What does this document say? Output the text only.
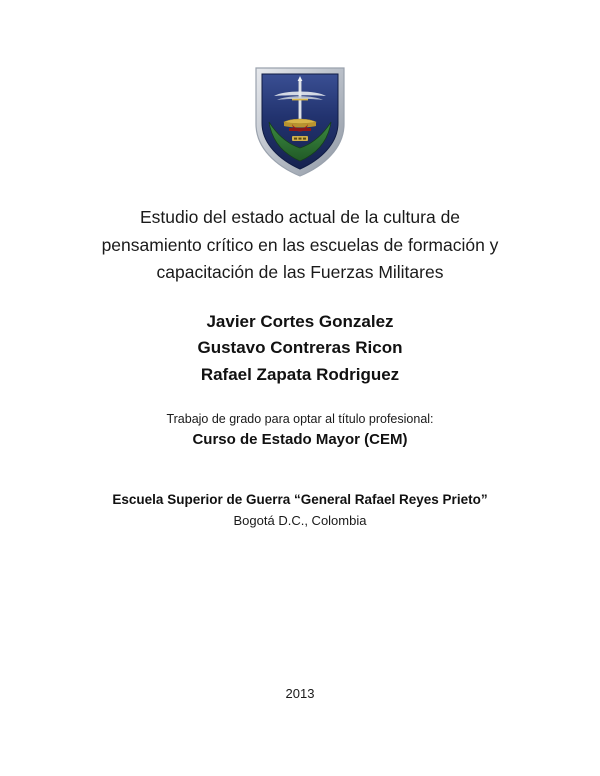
Estudio del estado actual de la cultura de
pensamiento crítico en las escuelas de formación y
capacitación de las Fuerzas Militares
Javier Cortes Gonzalez
Gustavo Contreras Ricon
Rafael Zapata Rodriguez
Trabajo de grado para optar al título profesional:
Curso de Estado Mayor (CEM)
Escuela Superior de Guerra “General Rafael Reyes Prieto”
Bogotá D.C., Colombia
2013
